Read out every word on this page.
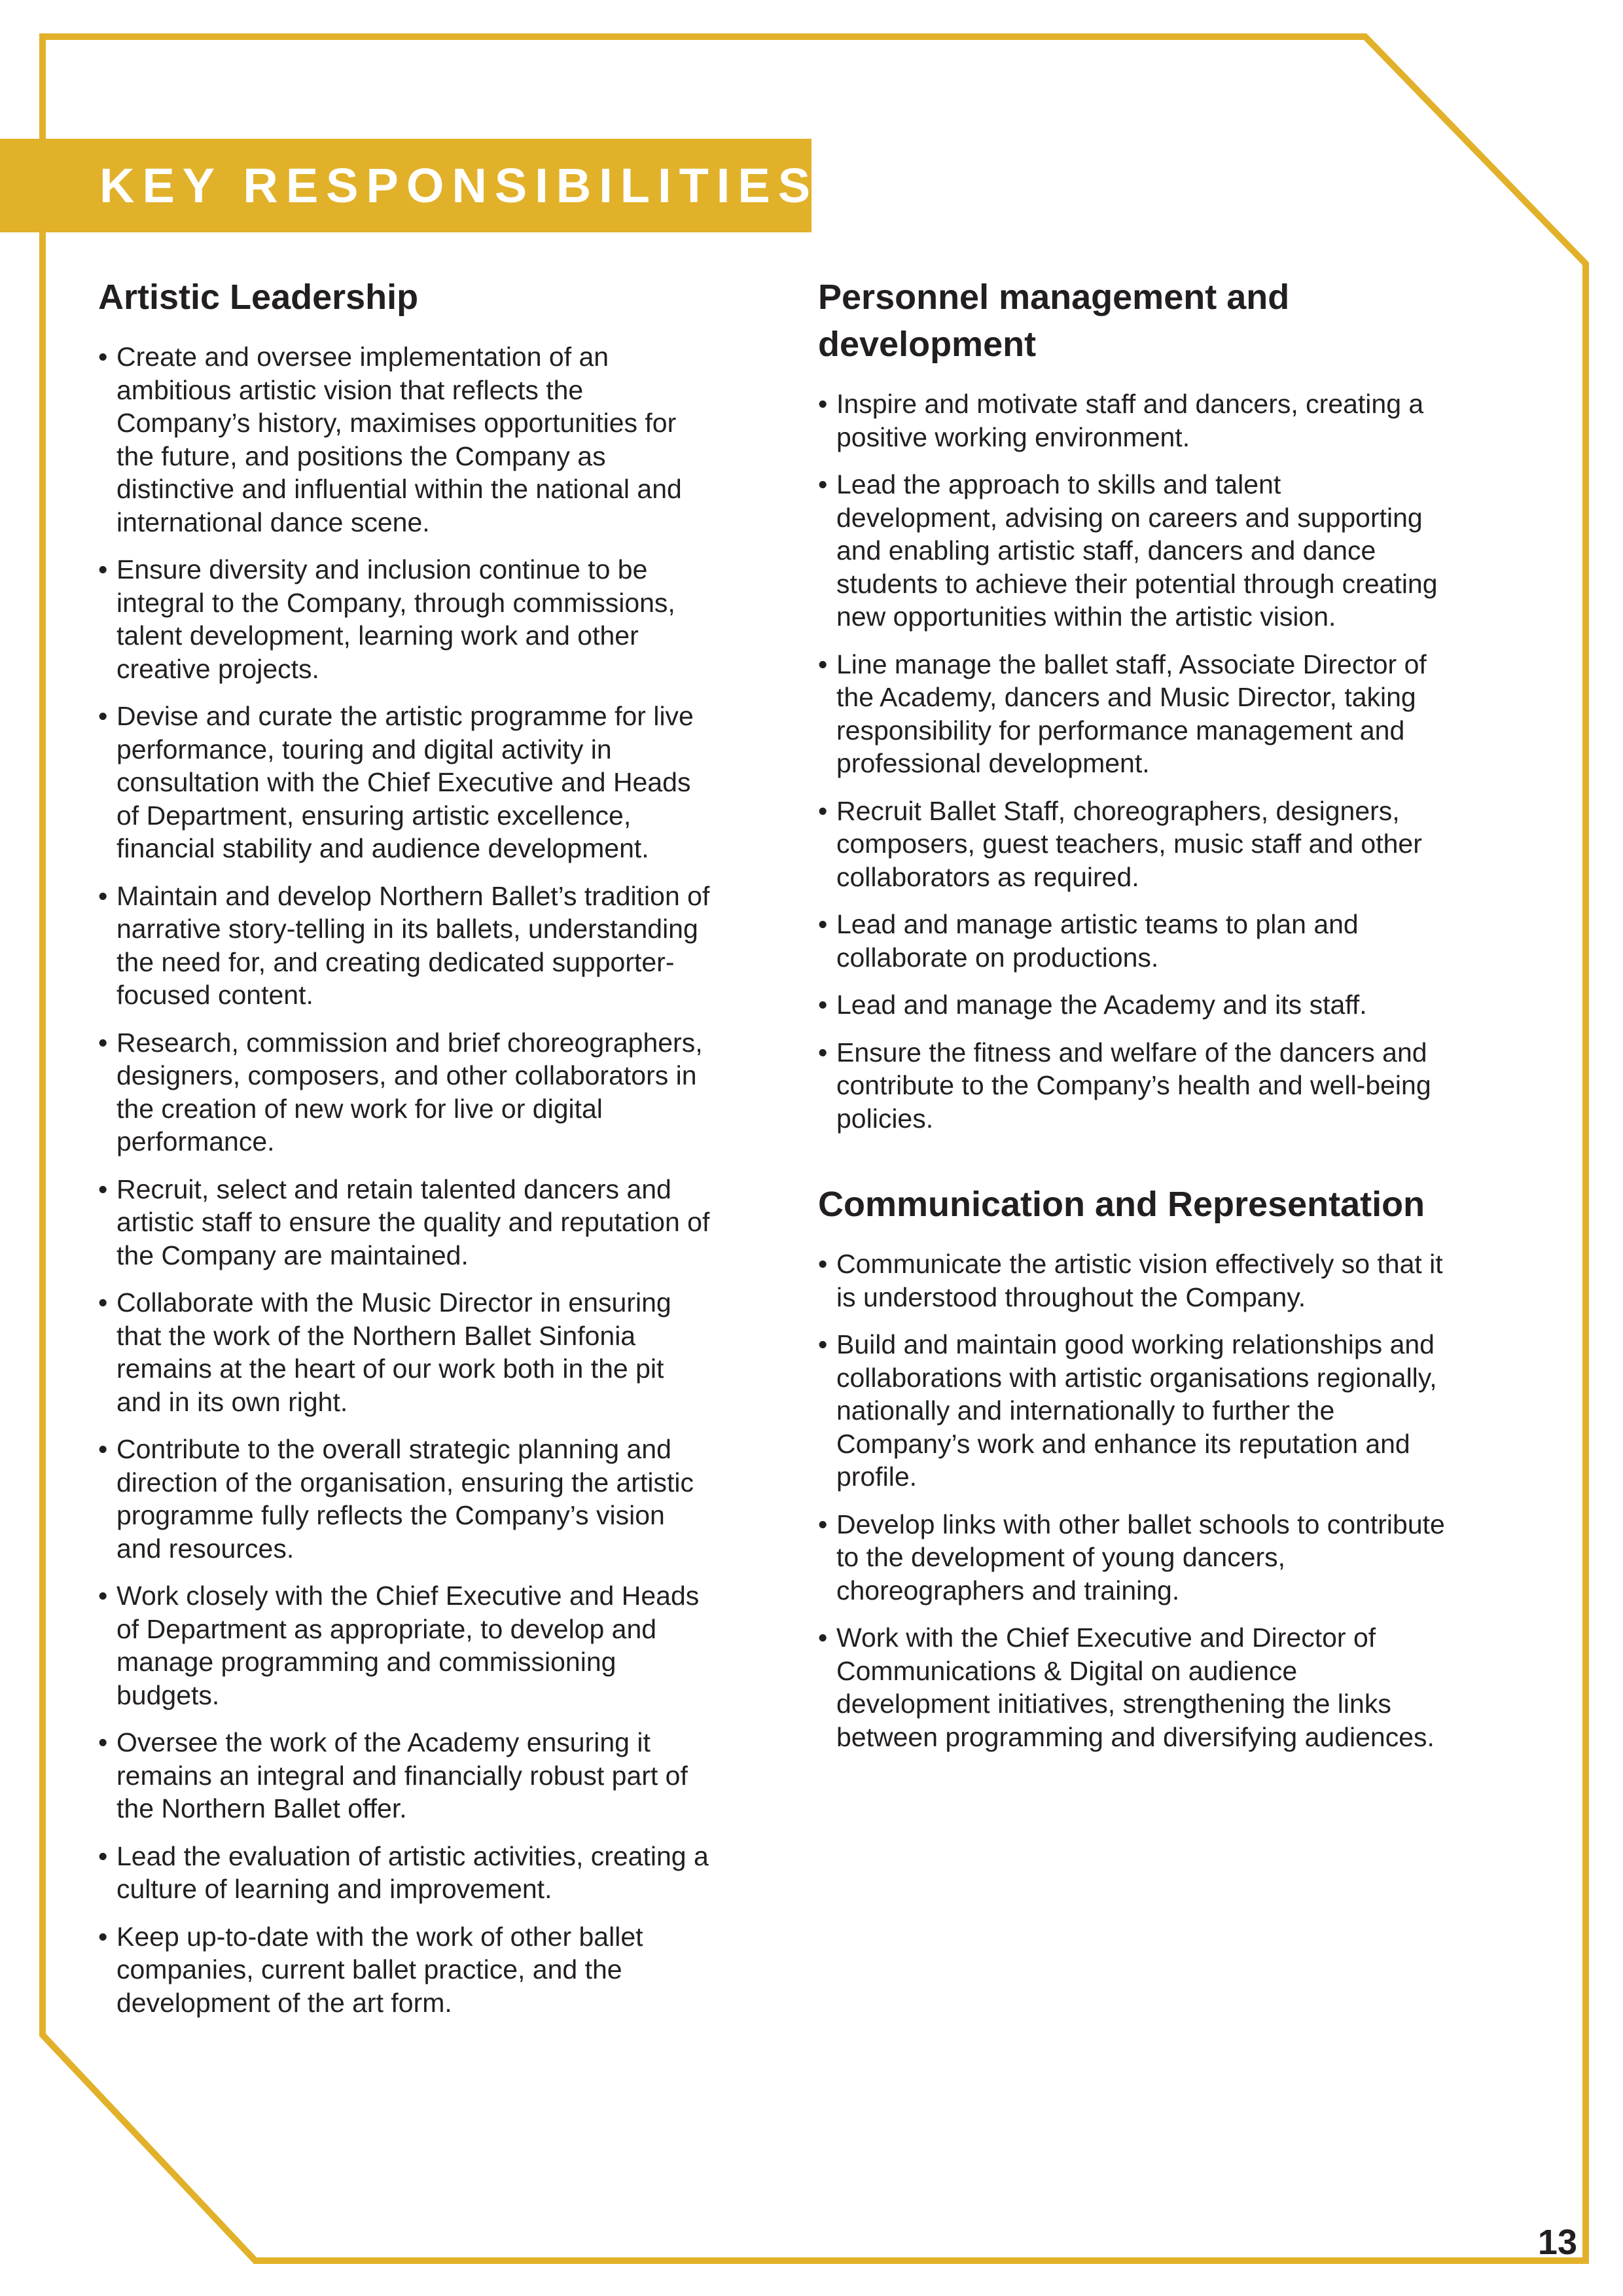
KEY RESPONSIBILITIES
Artistic Leadership
• Create and oversee implementation of an ambitious artistic vision that reflects the Company’s history, maximises opportunities for the future, and positions the Company as distinctive and influential within the national and international dance scene.
• Ensure diversity and inclusion continue to be integral to the Company, through commissions, talent development, learning work and other creative projects.
• Devise and curate the artistic programme for live performance, touring and digital activity in consultation with the Chief Executive and Heads of Department, ensuring artistic excellence, financial stability and audience development.
• Maintain and develop Northern Ballet’s tradition of narrative story-telling in its ballets, understanding the need for, and creating dedicated supporter-focused content.
• Research, commission and brief choreographers, designers, composers, and other collaborators in the creation of new work for live or digital performance.
• Recruit, select and retain talented dancers and artistic staff to ensure the quality and reputation of the Company are maintained.
• Collaborate with the Music Director in ensuring that the work of the Northern Ballet Sinfonia remains at the heart of our work both in the pit and in its own right.
• Contribute to the overall strategic planning and direction of the organisation, ensuring the artistic programme fully reflects the Company’s vision and resources.
• Work closely with the Chief Executive and Heads of Department as appropriate, to develop and manage programming and commissioning budgets.
• Oversee the work of the Academy ensuring it remains an integral and financially robust part of the Northern Ballet offer.
• Lead the evaluation of artistic activities, creating a culture of learning and improvement.
• Keep up-to-date with the work of other ballet companies, current ballet practice, and the development of the art form.
Personnel management and development
• Inspire and motivate staff and dancers, creating a positive working environment.
• Lead the approach to skills and talent development, advising on careers and supporting and enabling artistic staff, dancers and dance students to achieve their potential through creating new opportunities within the artistic vision.
• Line manage the ballet staff, Associate Director of the Academy, dancers and Music Director, taking responsibility for performance management and professional development.
• Recruit Ballet Staff, choreographers, designers, composers, guest teachers, music staff and other collaborators as required.
• Lead and manage artistic teams to plan and collaborate on productions.
• Lead and manage the Academy and its staff.
• Ensure the fitness and welfare of the dancers and contribute to the Company’s health and well-being policies.
Communication and Representation
• Communicate the artistic vision effectively so that it is understood throughout the Company.
• Build and maintain good working relationships and collaborations with artistic organisations regionally, nationally and internationally to further the Company’s work and enhance its reputation and profile.
• Develop links with other ballet schools to contribute to the development of young dancers, choreographers and training.
• Work with the Chief Executive and Director of Communications & Digital on audience development initiatives, strengthening the links between programming and diversifying audiences.
13
